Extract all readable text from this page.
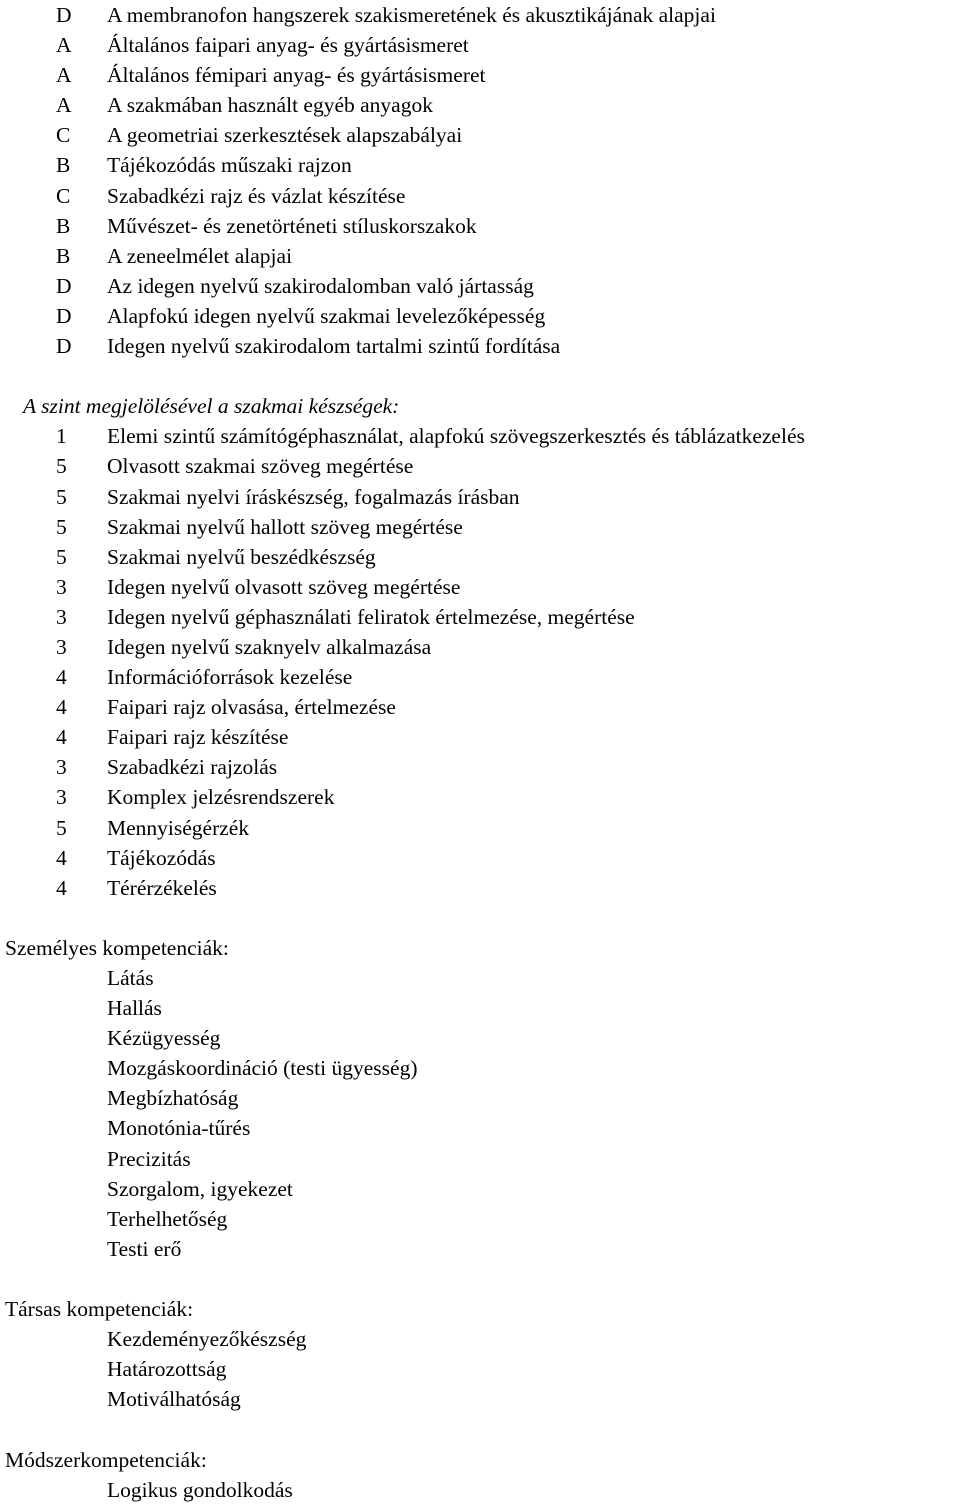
D A membranofon hangszerek szakismeretének és akusztikájának alapjai
A Általános faipari anyag- és gyártásismeret
A Általános fémipari anyag- és gyártásismeret
A A szakmában használt egyéb anyagok
C A geometriai szerkesztések alapszabályai
B Tájékozódás műszaki rajzon
C Szabadkézi rajz és vázlat készítése
B Művészet- és zenetörténeti stíluskorszakok
B A zeneelmélet alapjai
D Az idegen nyelvű szakirodalomban való jártasság
D Alapfokú idegen nyelvű szakmai levelezőképesség
D Idegen nyelvű szakirodalom tartalmi szintű fordítása
A szint megjelölésével a szakmai készségek:
1 Elemi szintű számítógéphasználat, alapfokú szövegszerkesztés és táblázatkezelés
5 Olvasott szakmai szöveg megértése
5 Szakmai nyelvi íráskészség, fogalmazás írásban
5 Szakmai nyelvű hallott szöveg megértése
5 Szakmai nyelvű beszédkészség
3 Idegen nyelvű olvasott szöveg megértése
3 Idegen nyelvű géphasználati feliratok értelmezése, megértése
3 Idegen nyelvű szaknyelv alkalmazása
4 Információforrások kezelése
4 Faipari rajz olvasása, értelmezése
4 Faipari rajz készítése
3 Szabadkézi rajzolás
3 Komplex jelzésrendszerek
5 Mennyiségérzék
4 Tájékozódás
4 Térérzékelés
Személyes kompetenciák:
Látás
Hallás
Kézügyesség
Mozgáskoordináció (testi ügyesség)
Megbízhatóság
Monotónia-tűrés
Precizitás
Szorgalom, igyekezet
Terhelhetőség
Testi erő
Társas kompetenciák:
Kezdeményezőkészség
Határozottság
Motiválhatóság
Módszerkompetenciák:
Logikus gondolkodás
